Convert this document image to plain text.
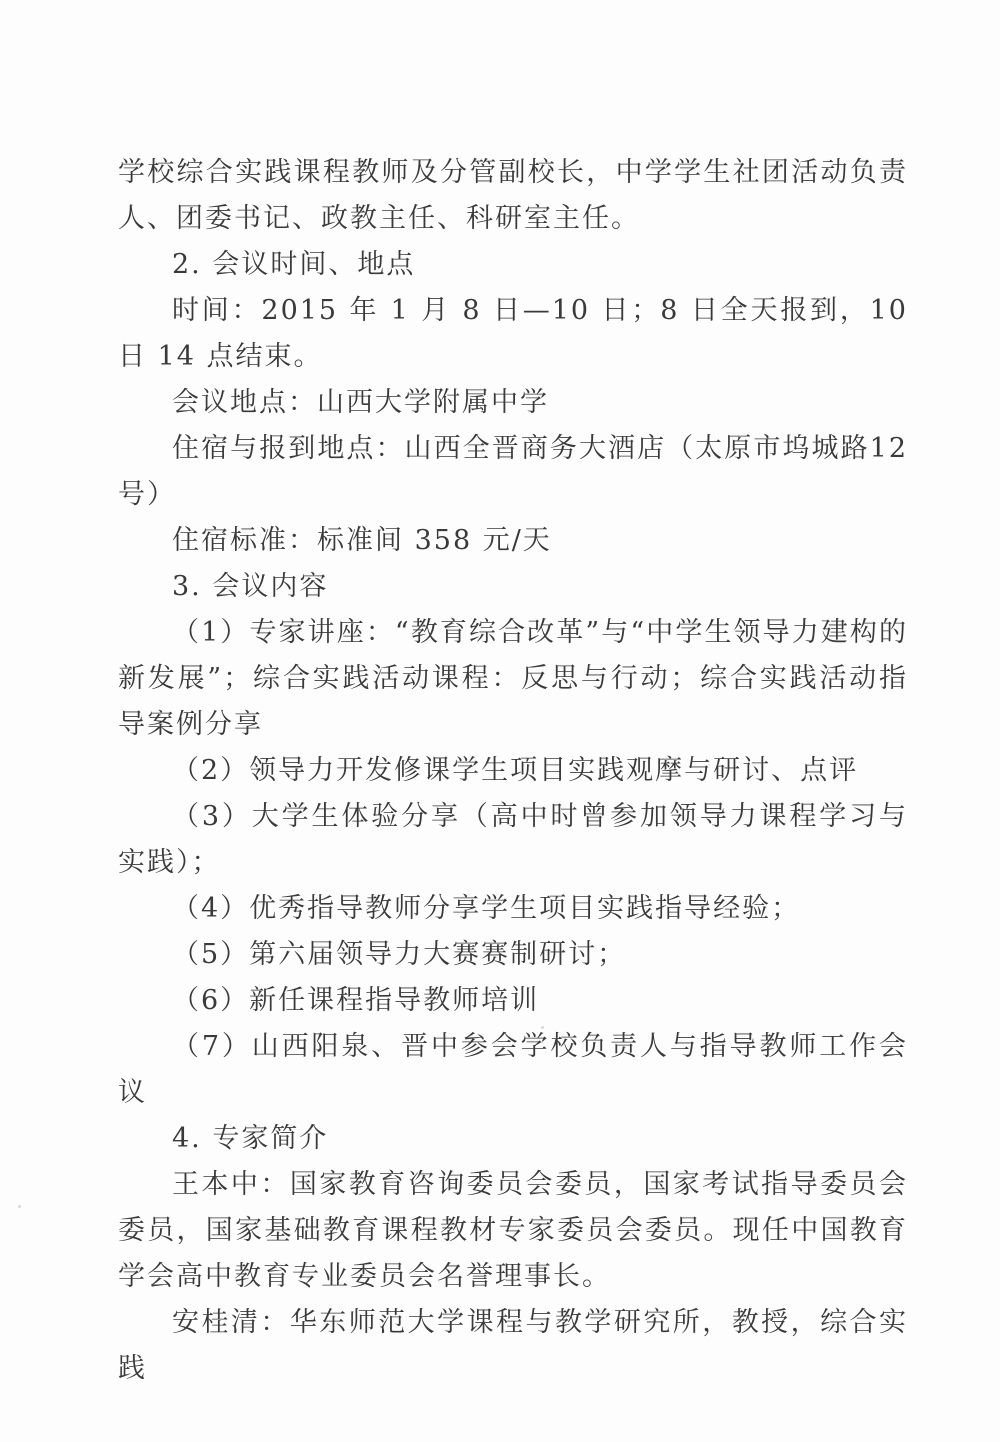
学校综合实践课程教师及分管副校长，中学学生社团活动负责人、团委书记、政教主任、科研室主任。

2. 会议时间、地点

时间：2015 年 1 月 8 日—10 日；8 日全天报到，10 日 14 点结束。

会议地点：山西大学附属中学

住宿与报到地点：山西全晋商务大酒店（太原市坞城路12号）

住宿标准：标准间 358 元/天

3. 会议内容

（1）专家讲座：“教育综合改革”与“中学生领导力建构的新发展”；综合实践活动课程：反思与行动；综合实践活动指导案例分享

（2）领导力开发修课学生项目实践观摩与研讨、点评

（3）大学生体验分享（高中时曾参加领导力课程学习与实践）；

（4）优秀指导教师分享学生项目实践指导经验；

（5）第六届领导力大赛赛制研讨；

（6）新任课程指导教师培训

（7）山西阳泉、晋中参会学校负责人与指导教师工作会议

4. 专家简介

王本中：国家教育咨询委员会委员，国家考试指导委员会委员，国家基础教育课程教材专家委员会委员。现任中国教育学会高中教育专业委员会名誉理事长。

安桂清：华东师范大学课程与教学研究所，教授，综合实践
